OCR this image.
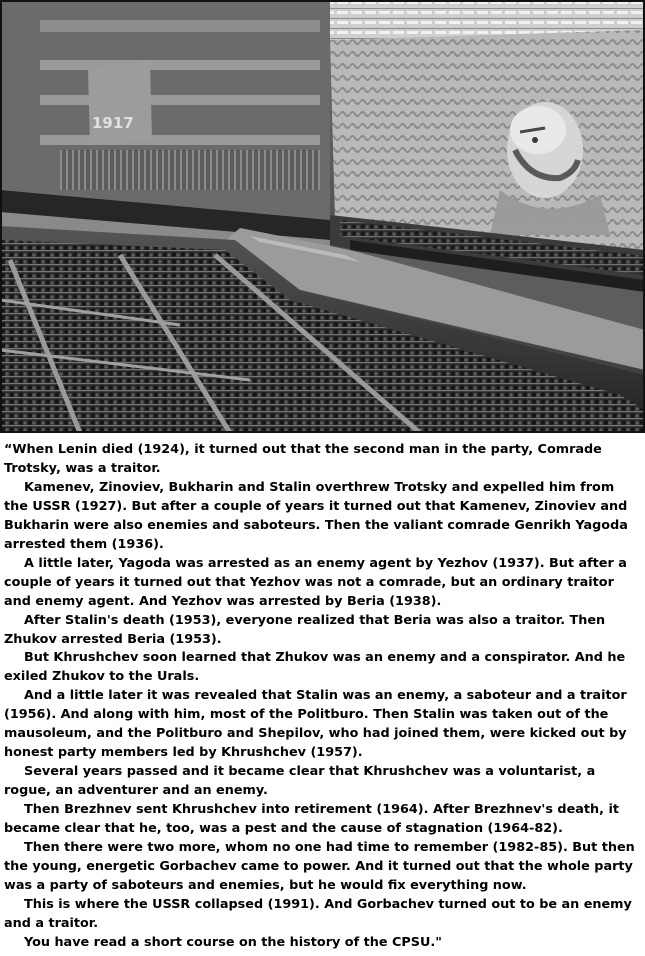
1917

“When Lenin died (1924), it turned out that the second man in the party, Comrade Trotsky, was a traitor.

Kamenev, Zinoviev, Bukharin and Stalin overthrew Trotsky and expelled him from the USSR (1927). But after a couple of years it turned out that Kamenev, Zinoviev and Bukharin were also enemies and saboteurs. Then the valiant comrade Genrikh Yagoda arrested them (1936).

A little later, Yagoda was arrested as an enemy agent by Yezhov (1937). But after a couple of years it turned out that Yezhov was not a comrade, but an ordinary traitor and enemy agent. And Yezhov was arrested by Beria (1938).

After Stalin's death (1953), everyone realized that Beria was also a traitor. Then Zhukov arrested Beria (1953).

But Khrushchev soon learned that Zhukov was an enemy and a conspirator. And he exiled Zhukov to the Urals.

And a little later it was revealed that Stalin was an enemy, a saboteur and a traitor (1956). And along with him, most of the Politburo. Then Stalin was taken out of the mausoleum, and the Politburo and Shepilov, who had joined them, were kicked out by honest party members led by Khrushchev (1957).

Several years passed and it became clear that Khrushchev was a voluntarist, a rogue, an adventurer and an enemy.

Then Brezhnev sent Khrushchev into retirement (1964). After Brezhnev's death, it became clear that he, too, was a pest and the cause of stagnation (1964-82).

Then there were two more, whom no one had time to remember (1982-85). But then the young, energetic Gorbachev came to power. And it turned out that the whole party was a party of saboteurs and enemies, but he would fix everything now.

This is where the USSR collapsed (1991). And Gorbachev turned out to be an enemy and a traitor.

You have read a short course on the history of the CPSU."
